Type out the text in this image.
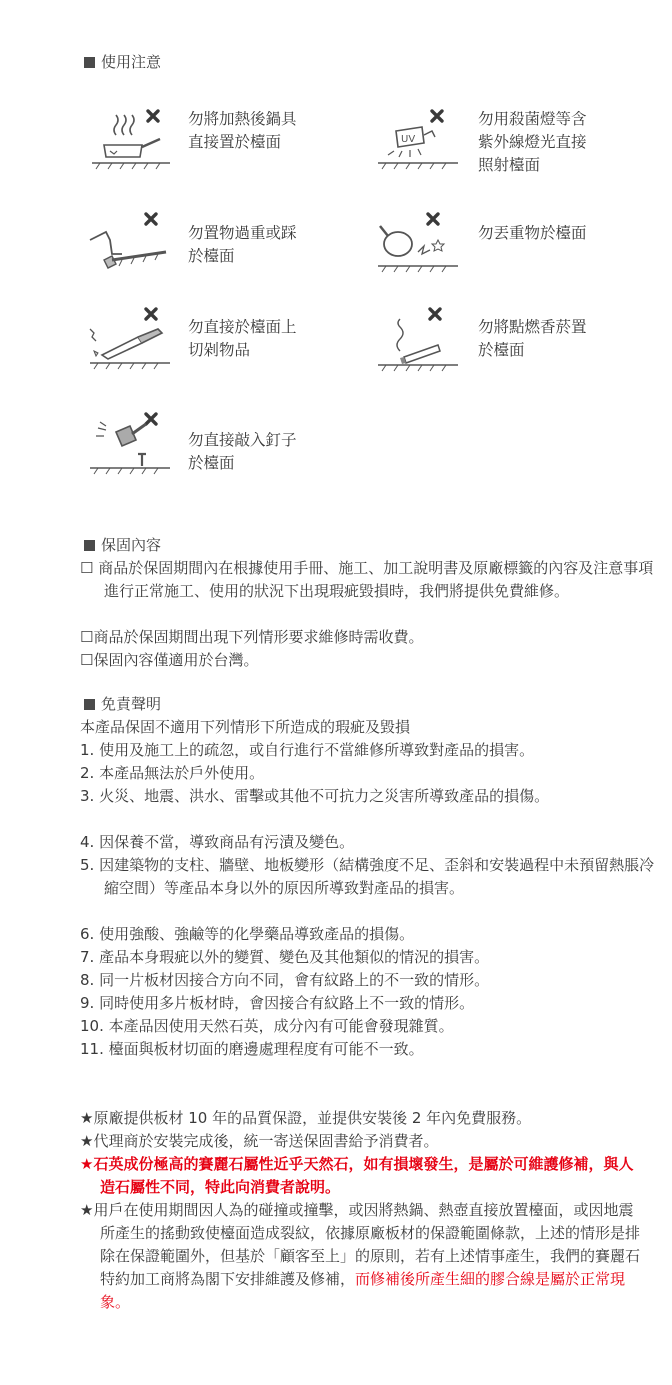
使用注意
勿將加熱後鍋具
直接置於檯面	UV
勿用殺菌燈等含
紫外線燈光直接
照射檯面
勿置物過重或踩
於檯面
勿丟重物於檯面
勿直接於檯面上
切剁物品
勿將點燃香菸置
於檯面
勿直接敲入釘子
於檯面
保固內容
☐ 商品於保固期間內在根據使用手冊、施工、加工說明書及原廠標籤的內容及注意事項進行正常施工、使用的狀況下出現瑕疵毀損時，我們將提供免費維修。
☐商品於保固期間出現下列情形要求維修時需收費。
☐保固內容僅適用於台灣。
免責聲明
本產品保固不適用下列情形下所造成的瑕疵及毀損
1. 使用及施工上的疏忽，或自行進行不當維修所導致對產品的損害。
2. 本產品無法於戶外使用。
3. 火災、地震、洪水、雷擊或其他不可抗力之災害所導致產品的損傷。
4. 因保養不當，導致商品有污漬及變色。
5. 因建築物的支柱、牆壁、地板變形（結構強度不足、歪斜和安裝過程中未預留熱脹冷縮空間）等產品本身以外的原因所導致對產品的損害。
6. 使用強酸、強鹼等的化學藥品導致產品的損傷。
7. 產品本身瑕疵以外的變質、變色及其他類似的情況的損害。
8. 同一片板材因接合方向不同，會有紋路上的不一致的情形。
9. 同時使用多片板材時，會因接合有紋路上不一致的情形。
10. 本產品因使用天然石英，成分內有可能會發現雜質。
11. 檯面與板材切面的磨邊處理程度有可能不一致。
★原廠提供板材 10 年的品質保證，並提供安裝後 2 年內免費服務。
★代理商於安裝完成後，統一寄送保固書給予消費者。
★石英成份極高的賽麗石屬性近乎天然石，如有損壞發生，是屬於可維護修補，與人造石屬性不同，特此向消費者說明。
★用戶在使用期間因人為的碰撞或撞擊，或因將熱鍋、熱壺直接放置檯面，或因地震所產生的搖動致使檯面造成裂紋，依據原廠板材的保證範圍條款，上述的情形是排除在保證範圍外，但基於「顧客至上」的原則，若有上述情事產生，我們的賽麗石特約加工商將為閣下安排維護及修補，而修補後所產生細的膠合線是屬於正常現象。
